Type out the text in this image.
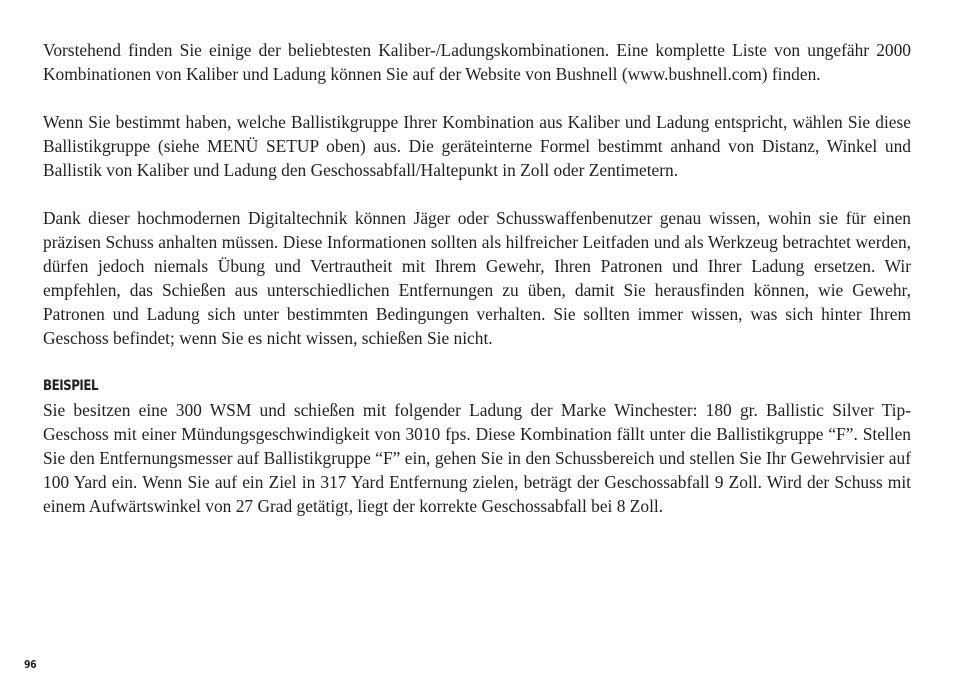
Vorstehend finden Sie einige der beliebtesten Kaliber-/Ladungskombinationen. Eine komplette Liste von ungefähr 2000 Kombinationen von Kaliber und Ladung können Sie auf der Website von Bushnell (www.bushnell.com) finden.

Wenn Sie bestimmt haben, welche Ballistikgruppe Ihrer Kombination aus Kaliber und Ladung entspricht, wählen Sie diese Ballistikgruppe (siehe MENÜ SETUP oben) aus. Die geräteinterne Formel bestimmt anhand von Distanz, Winkel und Ballistik von Kaliber und Ladung den Geschossabfall/Haltepunkt in Zoll oder Zentimetern.

Dank dieser hochmodernen Digitaltechnik können Jäger oder Schusswaffenbenutzer genau wissen, wohin sie für einen präzisen Schuss anhalten müssen. Diese Informationen sollten als hilfreicher Leitfaden und als Werkzeug betrachtet werden, dürfen jedoch niemals Übung und Vertrautheit mit Ihrem Gewehr, Ihren Patronen und Ihrer Ladung ersetzen. Wir empfehlen, das Schießen aus unterschiedlichen Entfernungen zu üben, damit Sie herausfinden können, wie Gewehr, Patronen und Ladung sich unter bestimmten Bedingungen verhalten. Sie sollten immer wissen, was sich hinter Ihrem Geschoss befindet; wenn Sie es nicht wissen, schießen Sie nicht.

BEISPIEL

Sie besitzen eine 300 WSM und schießen mit folgender Ladung der Marke Winchester: 180 gr. Ballistic Silver Tip-Geschoss mit einer Mündungsgeschwindigkeit von 3010 fps. Diese Kombination fällt unter die Ballistikgruppe “F”. Stellen Sie den Entfernungsmesser auf Ballistikgruppe “F” ein, gehen Sie in den Schussbereich und stellen Sie Ihr Gewehrvisier auf 100 Yard ein. Wenn Sie auf ein Ziel in 317 Yard Entfernung zielen, beträgt der Geschossabfall 9 Zoll. Wird der Schuss mit einem Aufwärtswinkel von 27 Grad getätigt, liegt der korrekte Geschossabfall bei 8 Zoll.

96
